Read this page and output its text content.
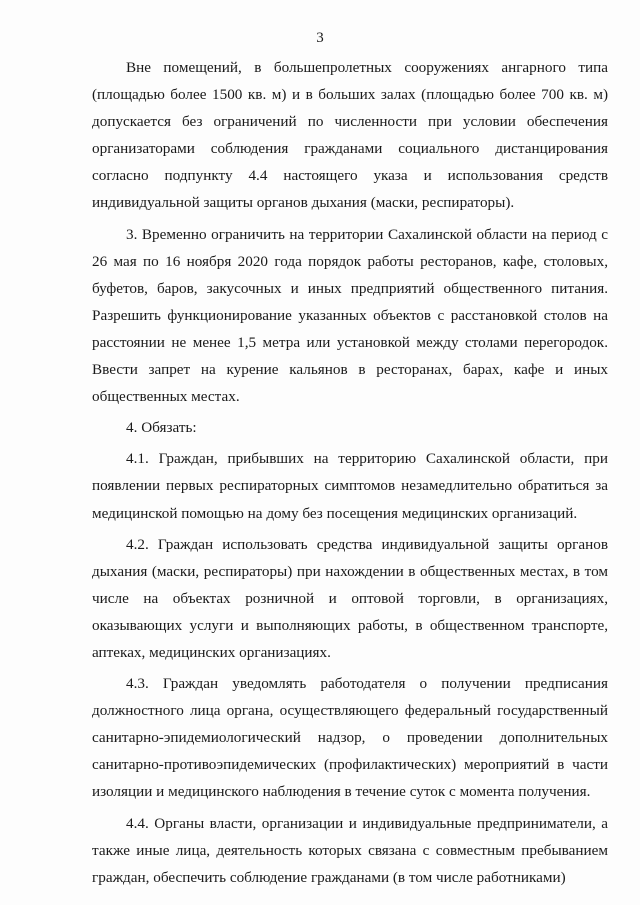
3

Вне помещений, в большепролетных сооружениях ангарного типа (площадью более 1500 кв. м) и в больших залах (площадью более 700 кв. м) допускается без ограничений по численности при условии обеспечения организаторами соблюдения гражданами социального дистанцирования согласно подпункту 4.4 настоящего указа и использования средств индивидуальной защиты органов дыхания (маски, респираторы).

3. Временно ограничить на территории Сахалинской области на период с 26 мая по 16 ноября 2020 года порядок работы ресторанов, кафе, столовых, буфетов, баров, закусочных и иных предприятий общественного питания. Разрешить функционирование указанных объектов с расстановкой столов на расстоянии не менее 1,5 метра или установкой между столами перегородок. Ввести запрет на курение кальянов в ресторанах, барах, кафе и иных общественных местах.

4. Обязать:

4.1. Граждан, прибывших на территорию Сахалинской области, при появлении первых респираторных симптомов незамедлительно обратиться за медицинской помощью на дому без посещения медицинских организаций.

4.2. Граждан использовать средства индивидуальной защиты органов дыхания (маски, респираторы) при нахождении в общественных местах, в том числе на объектах розничной и оптовой торговли, в организациях, оказывающих услуги и выполняющих работы, в общественном транспорте, аптеках, медицинских организациях.

4.3. Граждан уведомлять работодателя о получении предписания должностного лица органа, осуществляющего федеральный государственный санитарно-эпидемиологический надзор, о проведении дополнительных санитарно-противоэпидемических (профилактических) мероприятий в части изоляции и медицинского наблюдения в течение суток с момента получения.

4.4. Органы власти, организации и индивидуальные предприниматели, а также иные лица, деятельность которых связана с совместным пребыванием граждан, обеспечить соблюдение гражданами (в том числе работниками)
